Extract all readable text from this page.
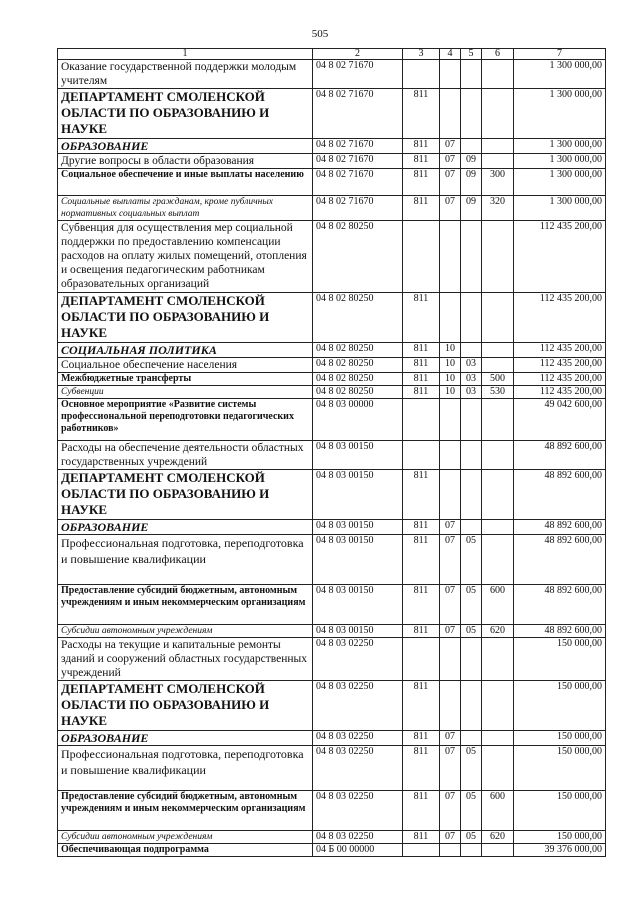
505
1	2	3	4	5	6	7
Оказание государственной поддержки молодым учителям	04 8 02 71670					1 300 000,00
ДЕПАРТАМЕНТ СМОЛЕНСКОЙ ОБЛАСТИ ПО ОБРАЗОВАНИЮ И НАУКЕ	04 8 02 71670	811				1 300 000,00
ОБРАЗОВАНИЕ	04 8 02 71670	811	07			1 300 000,00
Другие вопросы в области образования	04 8 02 71670	811	07	09		1 300 000,00
Социальное обеспечение и иные выплаты населению	04 8 02 71670	811	07	09	300	1 300 000,00
Социальные выплаты гражданам, кроме публичных нормативных социальных выплат	04 8 02 71670	811	07	09	320	1 300 000,00
Субвенция для осуществления мер социальной поддержки по предоставлению компенсации расходов на оплату жилых помещений, отопления и освещения педагогическим работникам образовательных организаций	04 8 02 80250					112 435 200,00
ДЕПАРТАМЕНТ СМОЛЕНСКОЙ ОБЛАСТИ ПО ОБРАЗОВАНИЮ И НАУКЕ	04 8 02 80250	811				112 435 200,00
СОЦИАЛЬНАЯ ПОЛИТИКА	04 8 02 80250	811	10			112 435 200,00
Социальное обеспечение населения	04 8 02 80250	811	10	03		112 435 200,00
Межбюджетные трансферты	04 8 02 80250	811	10	03	500	112 435 200,00
Субвенции	04 8 02 80250	811	10	03	530	112 435 200,00
Основное мероприятие «Развитие системы профессиональной переподготовки педагогических работников»	04 8 03 00000					49 042 600,00
Расходы на обеспечение деятельности областных государственных учреждений	04 8 03 00150					48 892 600,00
ДЕПАРТАМЕНТ СМОЛЕНСКОЙ ОБЛАСТИ ПО ОБРАЗОВАНИЮ И НАУКЕ	04 8 03 00150	811				48 892 600,00
ОБРАЗОВАНИЕ	04 8 03 00150	811	07			48 892 600,00
Профессиональная подготовка, переподготовка и повышение квалификации	04 8 03 00150	811	07	05		48 892 600,00
Предоставление субсидий бюджетным, автономным учреждениям и иным некоммерческим организациям	04 8 03 00150	811	07	05	600	48 892 600,00
Субсидии автономным учреждениям	04 8 03 00150	811	07	05	620	48 892 600,00
Расходы на текущие и капитальные ремонты зданий и сооружений областных государственных учреждений	04 8 03 02250					150 000,00
ДЕПАРТАМЕНТ СМОЛЕНСКОЙ ОБЛАСТИ ПО ОБРАЗОВАНИЮ И НАУКЕ	04 8 03 02250	811				150 000,00
ОБРАЗОВАНИЕ	04 8 03 02250	811	07			150 000,00
Профессиональная подготовка, переподготовка и повышение квалификации	04 8 03 02250	811	07	05		150 000,00
Предоставление субсидий бюджетным, автономным учреждениям и иным некоммерческим организациям	04 8 03 02250	811	07	05	600	150 000,00
Субсидии автономным учреждениям	04 8 03 02250	811	07	05	620	150 000,00
Обеспечивающая подпрограмма	04 Б 00 00000					39 376 000,00
